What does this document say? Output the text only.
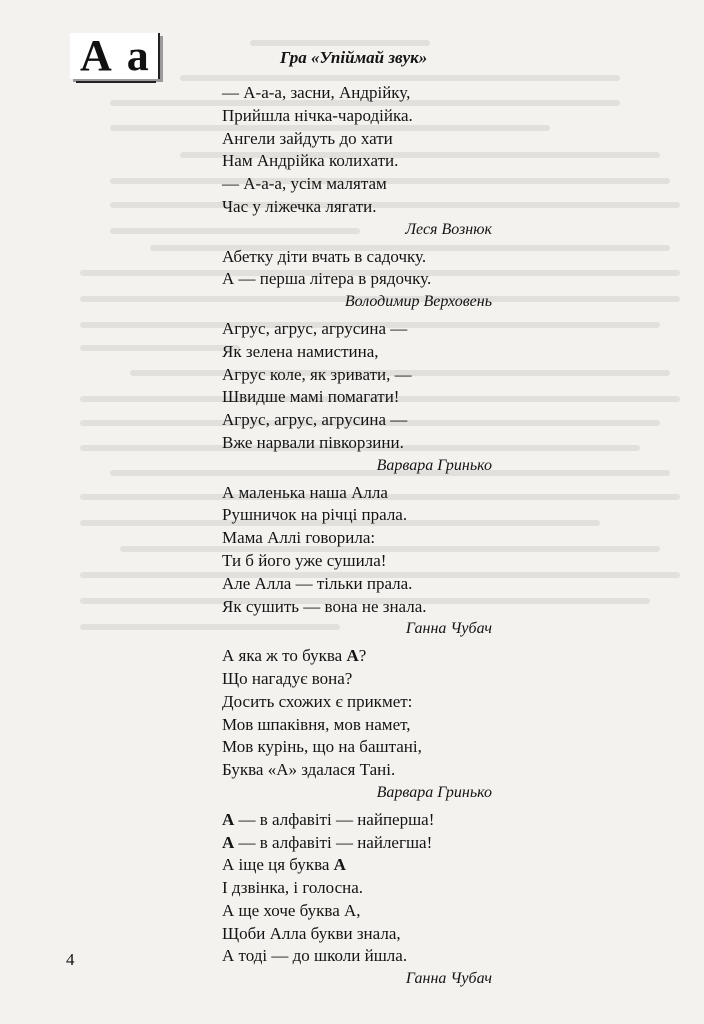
А а	Гра «Упіймай звук»
— А-а-а, засни, Андрійку,
Прийшла нічка-чародійка.
Ангели зайдуть до хати
Нам Андрійка колихати.
— А-а-а, усім малятам
Час у ліжечка лягати.
Леся Вознюк
Абетку діти вчать в садочку.
А — перша літера в рядочку.
Володимир Верховень
Агрус, агрус, агрусина —
Як зелена намистина,
Агрус коле, як зривати, —
Швидше мамі помагати!
Агрус, агрус, агрусина —
Вже нарвали півкорзини.
Варвара Гринько
А маленька наша Алла
Рушничок на річці прала.
Мама Аллі говорила:
Ти б його уже сушила!
Але Алла — тільки прала.
Як сушить — вона не знала.
Ганна Чубач
А яка ж то буква А?
Що нагадує вона?
Досить схожих є прикмет:
Мов шпаківня, мов намет,
Мов курінь, що на баштані,
Буква «А» здалася Тані.
Варвара Гринько
А — в алфавіті — найперша!
А — в алфавіті — найлегша!
А іще ця буква А
І дзвінка, і голосна.
А ще хоче буква А,
Щоби Алла букви знала,
А тоді — до школи йшла.
Ганна Чубач
4
